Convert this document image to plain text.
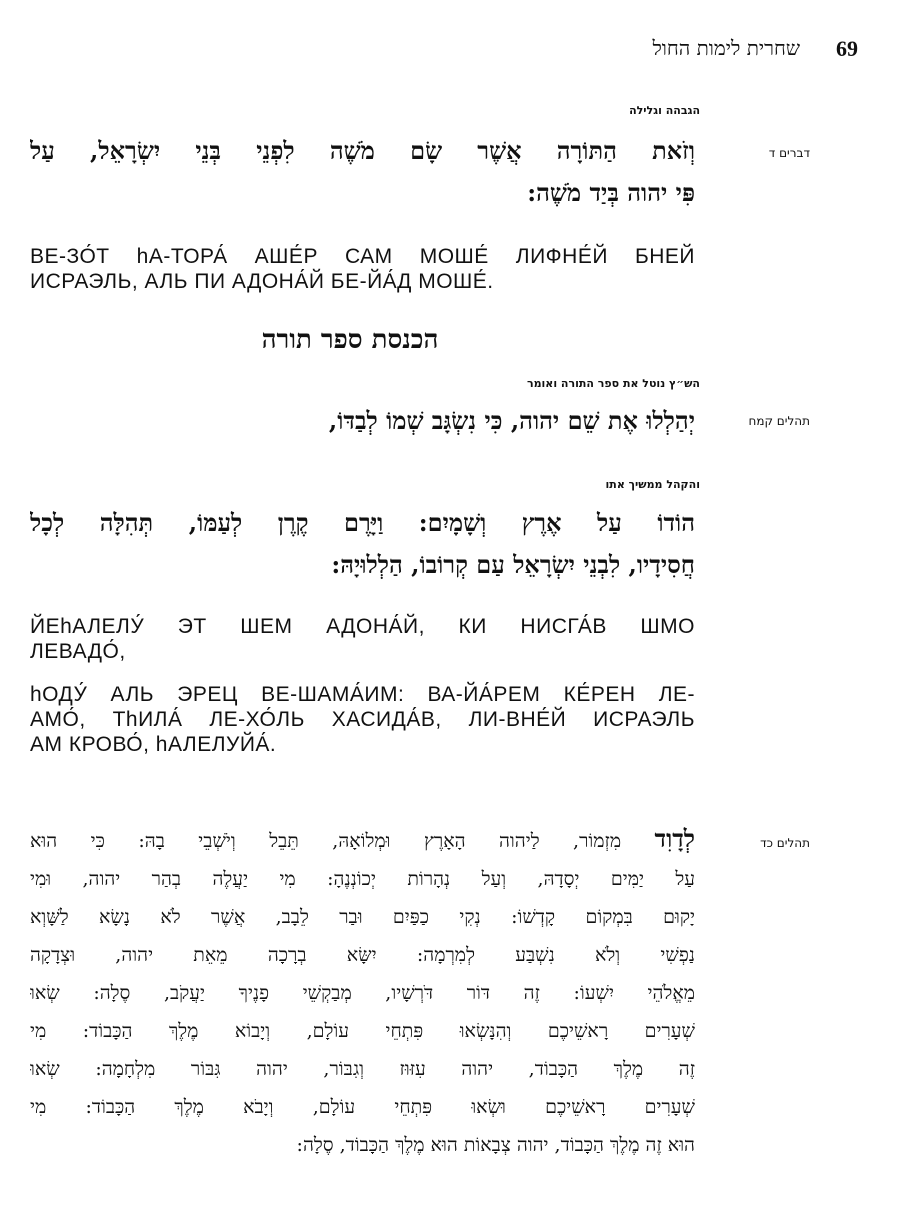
69
שחרית לימות החול
הגבהה וגלילה
דברים ד
וְזֹאת הַתּוֹרָה אֲשֶׁר שָׂם מֹשֶׁה לִפְנֵי בְּנֵי יִשְׂרָאֵל, עַל
פִּי יהוה בְּיַד מֹשֶׁה:
ВЕ-ЗО́Т hА-ТОРА́ АШЕ́Р САМ МОШЕ́ ЛИФНЕ́Й БНЕЙ
ИСРАЭЛЬ, АЛЬ ПИ АДОНА́Й БЕ-ЙА́Д МОШЕ́.
הכנסת ספר תורה
הש״ץ נוטל את ספר התורה ואומר
תהלים קמח
יְהַלְלוּ אֶת שֵׁם יהוה, כִּי נִשְׂגָּב שְׁמוֹ לְבַדּוֹ,
והקהל ממשיך אתו
הוֹדוֹ עַל אֶרֶץ וְשָׁמָיִם: וַיָּרֶם קֶרֶן לְעַמּוֹ, תְּהִלָּה לְכָל
חֲסִידָיו, לִבְנֵי יִשְׂרָאֵל עַם קְרוֹבוֹ, הַלְלוּיָהּ:
ЙЕhАЛЕЛУ́ ЭТ ШЕМ АДОНА́Й, КИ НИСГА́В ШМО
ЛЕВАДО́,
hОДУ́ АЛЬ ЭРЕЦ ВЕ-ШАМА́ИМ: ВА-ЙА́РЕМ КЕ́РЕН ЛЕ-
АМО́, ТhИЛА́ ЛЕ-ХО́ЛЬ ХАСИДА́В, ЛИ-ВНЕ́Й ИСРАЭЛЬ
АМ КРОВО́, hАЛЕЛУЙА́.
תהלים כד
לְדָוִד מִזְמוֹר, לַיהוה הָאָרֶץ וּמְלוֹאָהּ, תֵּבֵל וְיֹשְׁבֵי בָהּ: כִּי הוּא
עַל יַמִּים יְסָדָהּ, וְעַל נְהָרוֹת יְכוֹנְנֶהָ: מִי יַעֲלֶה בְהַר יהוה, וּמִי
יָקוּם בִּמְקוֹם קָדְשׁוֹ: נְקִי כַפַּיִם וּבַר לֵבָב, אֲשֶׁר לֹא נָשָׂא לַשָּׁוְא
נַפְשִׁי וְלֹא נִשְׁבַּע לְמִרְמָה: יִשָּׂא בְרָכָה מֵאֵת יהוה, וּצְדָקָה
מֵאֱלֹהֵי יִשְׁעוֹ: זֶה דּוֹר דֹּרְשָׁיו, מְבַקְשֵׁי פָנֶיךָ יַעֲקֹב, סֶלָה: שְׂאוּ
שְׁעָרִים רָאשֵׁיכֶם וְהִנָּשְׂאוּ פִּתְחֵי עוֹלָם, וְיָבוֹא מֶלֶךְ הַכָּבוֹד: מִי
זֶה מֶלֶךְ הַכָּבוֹד, יהוה עִזּוּז וְגִבּוֹר, יהוה גִּבּוֹר מִלְחָמָה: שְׂאוּ
שְׁעָרִים רָאשֵׁיכֶם וּשְׂאוּ פִּתְחֵי עוֹלָם, וְיָבֹא מֶלֶךְ הַכָּבוֹד: מִי
הוּא זֶה מֶלֶךְ הַכָּבוֹד, יהוה צְבָאוֹת הוּא מֶלֶךְ הַכָּבוֹד, סֶלָה:
